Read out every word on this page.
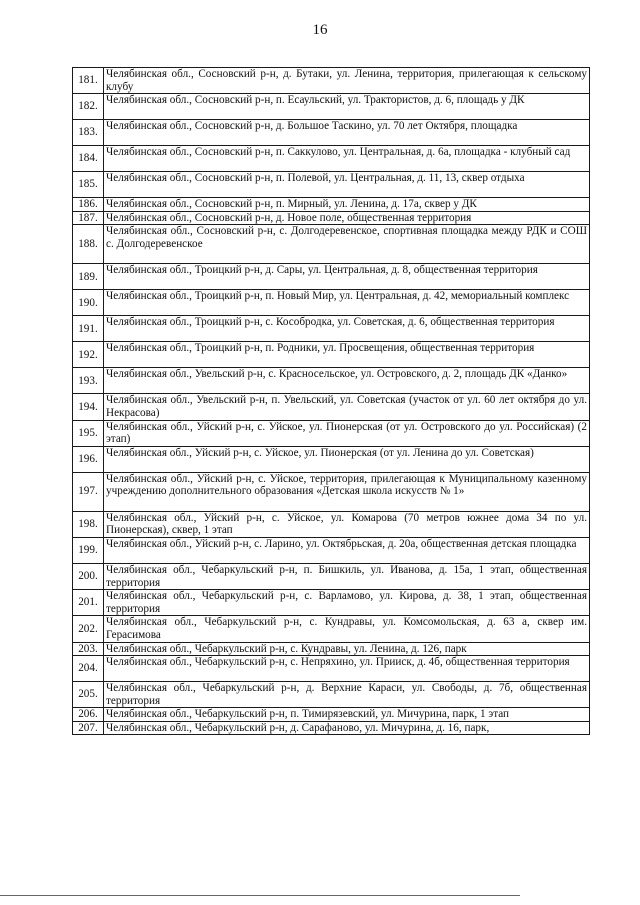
16
181.	Челябинская обл., Сосновский р-н, д. Бутаки, ул. Ленина, территория, прилегающая к сельскому клубу
182.	Челябинская обл., Сосновский р-н, п. Есаульский, ул. Трактористов, д. 6, площадь у ДК
183.	Челябинская обл., Сосновский р-н, д. Большое Таскино, ул. 70 лет Октября, площадка
184.	Челябинская обл., Сосновский р-н, п. Саккулово, ул. Центральная, д. 6а, площадка - клубный сад
185.	Челябинская обл., Сосновский р-н, п. Полевой, ул. Центральная, д. 11, 13, сквер отдыха
186.	Челябинская обл., Сосновский р-н, п. Мирный, ул. Ленина, д. 17а, сквер у ДК
187.	Челябинская обл., Сосновский р-н, д. Новое поле, общественная территория
188.	Челябинская обл., Сосновский р-н, с. Долгодеревенское, спортивная площадка между РДК и СОШ с. Долгодеревенское
189.	Челябинская обл., Троицкий р-н, д. Сары, ул. Центральная, д. 8, общественная территория
190.	Челябинская обл., Троицкий р-н, п. Новый Мир, ул. Центральная, д. 42, мемориальный комплекс
191.	Челябинская обл., Троицкий р-н, с. Кособродка, ул. Советская, д. 6, общественная территория
192.	Челябинская обл., Троицкий р-н, п. Родники, ул. Просвещения, общественная территория
193.	Челябинская обл., Увельский р-н, с. Красносельское, ул. Островского, д. 2, площадь ДК «Данко»
194.	Челябинская обл., Увельский р-н, п. Увельский, ул. Советская (участок от ул. 60 лет октября до ул. Некрасова)
195.	Челябинская обл., Уйский р-н, с. Уйское, ул. Пионерская (от ул. Островского до ул. Российская) (2 этап)
196.	Челябинская обл., Уйский р-н, с. Уйское, ул. Пионерская (от ул. Ленина до ул. Советская)
197.	Челябинская обл., Уйский р-н, с. Уйское, территория, прилегающая к Муниципальному казенному учреждению дополнительного образования «Детская школа искусств № 1»
198.	Челябинская обл., Уйский р-н, с. Уйское, ул. Комарова (70 метров южнее дома 34 по ул. Пионерская), сквер, 1 этап
199.	Челябинская обл., Уйский р-н, с. Ларино, ул. Октябрьская, д. 20а, общественная детская площадка
200.	Челябинская обл., Чебаркульский р-н, п. Бишкиль, ул. Иванова, д. 15а, 1 этап, общественная территория
201.	Челябинская обл., Чебаркульский р-н, с. Варламово, ул. Кирова, д. 38, 1 этап, общественная территория
202.	Челябинская обл., Чебаркульский р-н, с. Кундравы, ул. Комсомольская, д. 63 а, сквер им. Герасимова
203.	Челябинская обл., Чебаркульский р-н, с. Кундравы, ул. Ленина, д. 126, парк
204.	Челябинская обл., Чебаркульский р-н, с. Непряхино, ул. Прииск, д. 4б, общественная территория
205.	Челябинская обл., Чебаркульский р-н, д. Верхние Караси, ул. Свободы, д. 7б, общественная территория
206.	Челябинская обл., Чебаркульский р-н, п. Тимирязевский, ул. Мичурина, парк, 1 этап
207.	Челябинская обл., Чебаркульский р-н, д. Сарафаново, ул. Мичурина, д. 16, парк,
